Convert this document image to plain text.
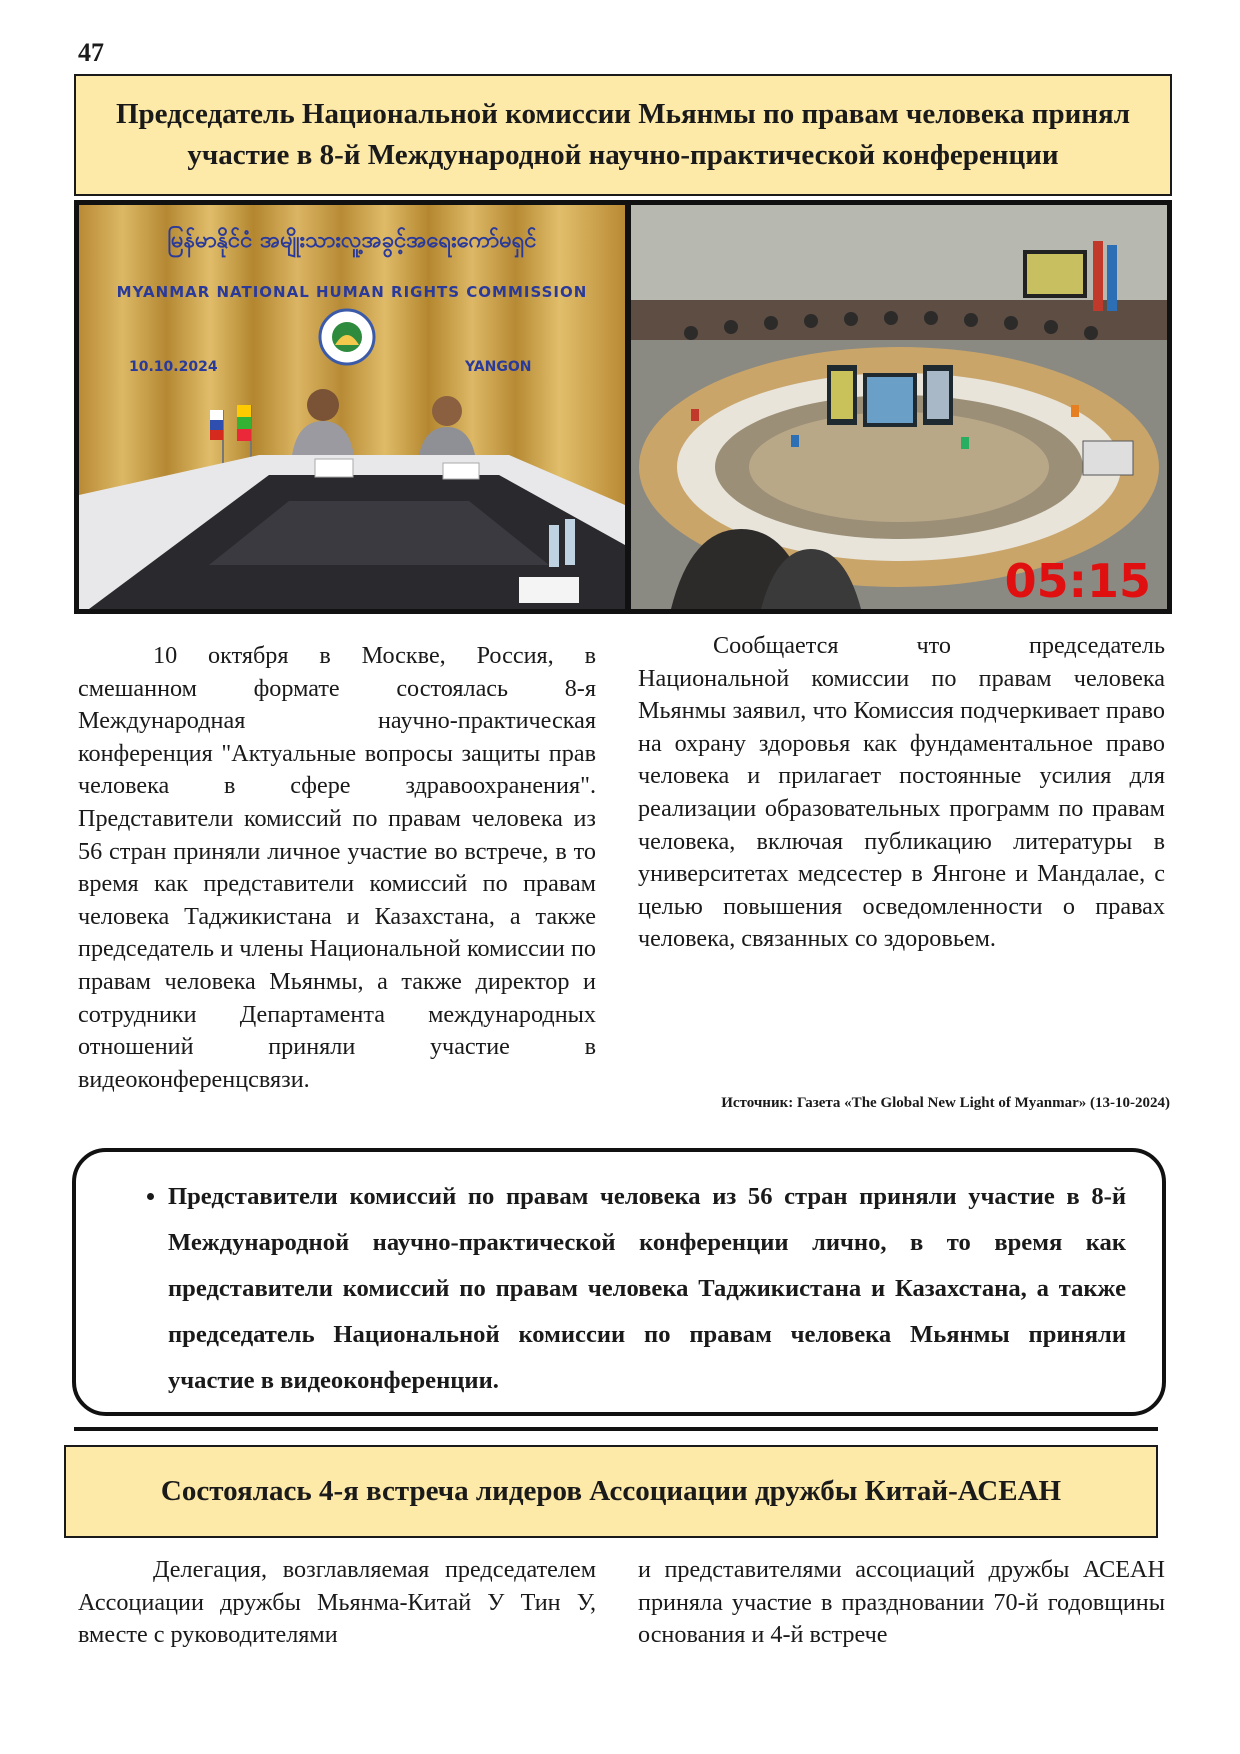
47
Председатель Национальной комиссии Мьянмы по правам человека принял участие в 8-й Международной научно-практической конференции
မြန်မာနိုင်ငံ အမျိုးသားလူ့အခွင့်အရေးကော်မရှင်
MYANMAR NATIONAL HUMAN RIGHTS COMMISSION
10.10.2024	YANGON
05:15

10 октября в Москве, Россия, в смешанном формате состоялась 8-я Международная научно-практическая конференция "Актуальные вопросы защиты прав человека в сфере здравоохранения". Представители комиссий по правам человека из 56 стран приняли личное участие во встрече, в то время как представители комиссий по правам человека Таджикистана и Казахстана, а также председатель и члены Национальной комиссии по правам человека Мьянмы, а также директор и сотрудники Департамента международных отношений приняли участие в видеоконференцсвязи.

Сообщается что председатель Национальной комиссии по правам человека Мьянмы заявил, что Комиссия подчеркивает право на охрану здоровья как фундаментальное право человека и прилагает постоянные усилия для реализации образовательных программ по правам человека, включая публикацию литературы в университетах медсестер в Янгоне и Мандалае, с целью повышения осведомленности о правах человека, связанных со здоровьем.

Источник: Газета «The Global New Light of Myanmar» (13-10-2024)
• Представители комиссий по правам человека из 56 стран приняли участие в 8-й Международной научно-практической конференции лично, в то время как представители комиссий по правам человека Таджикистана и Казахстана, а также председатель Национальной комиссии по правам человека Мьянмы приняли участие в видеоконференции.
Состоялась 4-я встреча лидеров Ассоциации дружбы Китай-АСЕАН

Делегация, возглавляемая председателем Ассоциации дружбы Мьянма-Китай У Тин У, вместе с руководителями

и представителями ассоциаций дружбы АСЕАН приняла участие в праздновании 70-й годовщины основания и 4-й встрече
